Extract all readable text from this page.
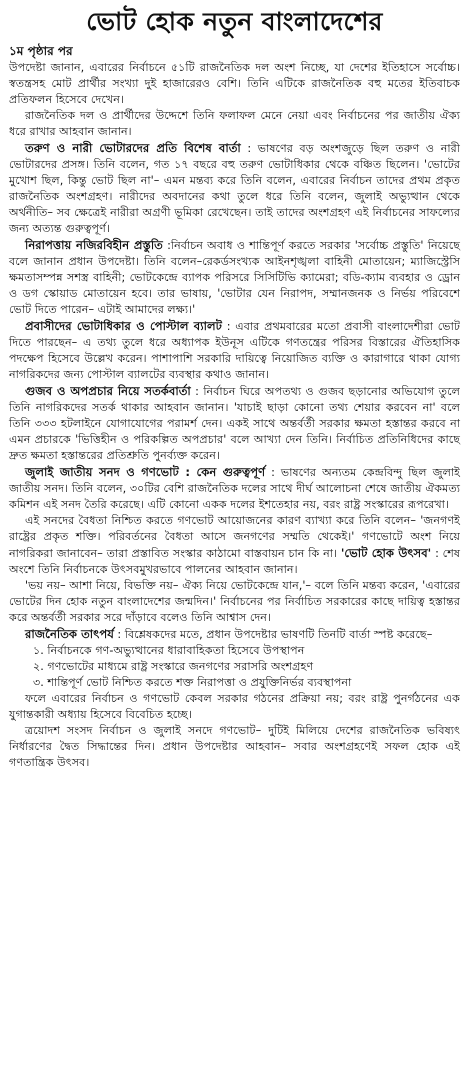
ভোট হোক নতুন বাংলাদেশের
১ম পৃষ্ঠার পর

উপদেষ্টা জানান, এবারের নির্বাচনে ৫১টি রাজনৈতিক দল অংশ নিচ্ছে, যা দেশের ইতিহাসে সর্বোচ্চ। স্বতন্ত্রসহ মোট প্রার্থীর সংখ্যা দুই হাজারেরও বেশি। তিনি এটিকে রাজনৈতিক বহু মতের ইতিবাচক প্রতিফলন হিসেবে দেখেন।

রাজনৈতিক দল ও প্রার্থীদের উদ্দেশে তিনি ফলাফল মেনে নেয়া এবং নির্বাচনের পর জাতীয় ঐক্য ধরে রাখার আহবান জানান।

তরুণ ও নারী ভোটারদের প্রতি বিশেষ বার্তা : ভাষণের বড় অংশজুড়ে ছিল তরুণ ও নারী ভোটারদের প্রসঙ্গ। তিনি বলেন, গত ১৭ বছরে বহু তরুণ ভোটাধিকার থেকে বঞ্চিত ছিলেন। 'ভোটের মুখোশ ছিল, কিন্তু ভোট ছিল না'– এমন মন্তব্য করে তিনি বলেন, এবারের নির্বাচন তাদের প্রথম প্রকৃত রাজনৈতিক অংশগ্রহণ। নারীদের অবদানের কথা তুলে ধরে তিনি বলেন, জুলাই অভ্যুত্থান থেকে অর্থনীতি– সব ক্ষেত্রেই নারীরা অগ্রণী ভূমিকা রেখেছেন। তাই তাদের অংশগ্রহণ এই নির্বাচনের সাফল্যের জন্য অত্যন্ত গুরুত্বপূর্ণ।

নিরাপত্তায় নজিরবিহীন প্রস্তুতি :নির্বাচন অবাধ ও শান্তিপূর্ণ করতে সরকার 'সর্বোচ্চ প্রস্তুতি' নিয়েছে বলে জানান প্রধান উপদেষ্টা। তিনি বলেন–রেকর্ডসংখ্যক আইনশৃঙ্খলা বাহিনী মোতায়েন; ম্যাজিস্ট্রেসি ক্ষমতাসম্পন্ন সশস্ত্র বাহিনী; ভোটকেন্দ্রে ব্যাপক পরিসরে সিসিটিভি ক্যামেরা; বডি-ক্যাম ব্যবহার ও ড্রোন ও ডগ স্কোয়াড মোতায়েন হবে। তার ভাষায়, 'ভোটার যেন নিরাপদ, সম্মানজনক ও নির্ভয় পরিবেশে ভোট দিতে পারেন– এটাই আমাদের লক্ষ্য।'

প্রবাসীদের ভোটাধিকার ও পোস্টাল ব্যালট : এবার প্রথমবারের মতো প্রবাসী বাংলাদেশীরা ভোট দিতে পারছেন– এ তথ্য তুলে ধরে অধ্যাপক ইউনূস এটিকে গণতন্ত্রের পরিসর বিস্তারের ঐতিহাসিক পদক্ষেপ হিসেবে উল্লেখ করেন। পাশাপাশি সরকারি দায়িত্বে নিয়োজিত ব্যক্তি ও কারাগারে থাকা যোগ্য নাগরিকদের জন্য পোস্টাল ব্যালটের ব্যবস্থার কথাও জানান।

গুজব ও অপপ্রচার নিয়ে সতর্কবার্তা : নির্বাচন ঘিরে অপতথ্য ও গুজব ছড়ানোর অভিযোগ তুলে তিনি নাগরিকদের সতর্ক থাকার আহবান জানান। 'যাচাই ছাড়া কোনো তথ্য শেয়ার করবেন না' বলে তিনি ৩৩৩ হটলাইনে যোগাযোগের পরামর্শ দেন। একই সাথে অন্তর্বর্তী সরকার ক্ষমতা হস্তান্তর করবে না এমন প্রচারকে 'ভিত্তিহীন ও পরিকল্পিত অপপ্রচার' বলে আখ্যা দেন তিনি। নির্বাচিত প্রতিনিধিদের কাছে দ্রুত ক্ষমতা হস্তান্তরের প্রতিশ্রুতি পুনর্ব্যক্ত করেন।

জুলাই জাতীয় সনদ ও গণভোট : কেন গুরুত্বপূর্ণ : ভাষণের অন্যতম কেন্দ্রবিন্দু ছিল জুলাই জাতীয় সনদ। তিনি বলেন, ৩০টির বেশি রাজনৈতিক দলের সাথে দীর্ঘ আলোচনা শেষে জাতীয় ঐকমত্য কমিশন এই সনদ তৈরি করেছে। এটি কোনো একক দলের ইশতেহার নয়, বরং রাষ্ট্র সংস্কারের রূপরেখা।

এই সনদের বৈধতা নিশ্চিত করতে গণভোট আয়োজনের কারণ ব্যাখ্যা করে তিনি বলেন– 'জনগণই রাষ্ট্রের প্রকৃত শক্তি। পরিবর্তনের বৈধতা আসে জনগণের সম্মতি থেকেই।' গণভোটে অংশ নিয়ে নাগরিকরা জানাবেন– তারা প্রস্তাবিত সংস্কার কাঠামো বাস্তবায়ন চান কি না। 'ভোট হোক উৎসব' : শেষ অংশে তিনি নির্বাচনকে উৎসবমুখরভাবে পালনের আহবান জানান।

'ভয় নয়– আশা নিয়ে, বিভক্তি নয়– ঐক্য নিয়ে ভোটকেন্দ্রে যান,'– বলে তিনি মন্তব্য করেন, 'এবারের ভোটের দিন হোক নতুন বাংলাদেশের জন্মদিন।' নির্বাচনের পর নির্বাচিত সরকারের কাছে দায়িত্ব হস্তান্তর করে অন্তর্বর্তী সরকার সরে দাঁড়াবে বলেও তিনি আশ্বাস দেন।

রাজনৈতিক তাৎপর্য : বিশ্লেষকদের মতে, প্রধান উপদেষ্টার ভাষণটি তিনটি বার্তা স্পষ্ট করেছে–

১. নির্বাচনকে গণ-অভ্যুত্থানের ধারাবাহিকতা হিসেবে উপস্থাপন
২. গণভোটের মাধ্যমে রাষ্ট্র সংস্কারে জনগণের সরাসরি অংশগ্রহণ
৩. শান্তিপূর্ণ ভোট নিশ্চিত করতে শক্ত নিরাপত্তা ও প্রযুক্তিনির্ভর ব্যবস্থাপনা

ফলে এবারের নির্বাচন ও গণভোট কেবল সরকার গঠনের প্রক্রিয়া নয়; বরং রাষ্ট্র পুনর্গঠনের এক যুগান্তকারী অধ্যায় হিসেবে বিবেচিত হচ্ছে।

ত্রয়োদশ সংসদ নির্বাচন ও জুলাই সনদে গণভোট– দুটিই মিলিয়ে দেশের রাজনৈতিক ভবিষ্যৎ নির্ধারণের দ্বৈত সিদ্ধান্তের দিন। প্রধান উপদেষ্টার আহবান– সবার অংশগ্রহণেই সফল হোক এই গণতান্ত্রিক উৎসব।
